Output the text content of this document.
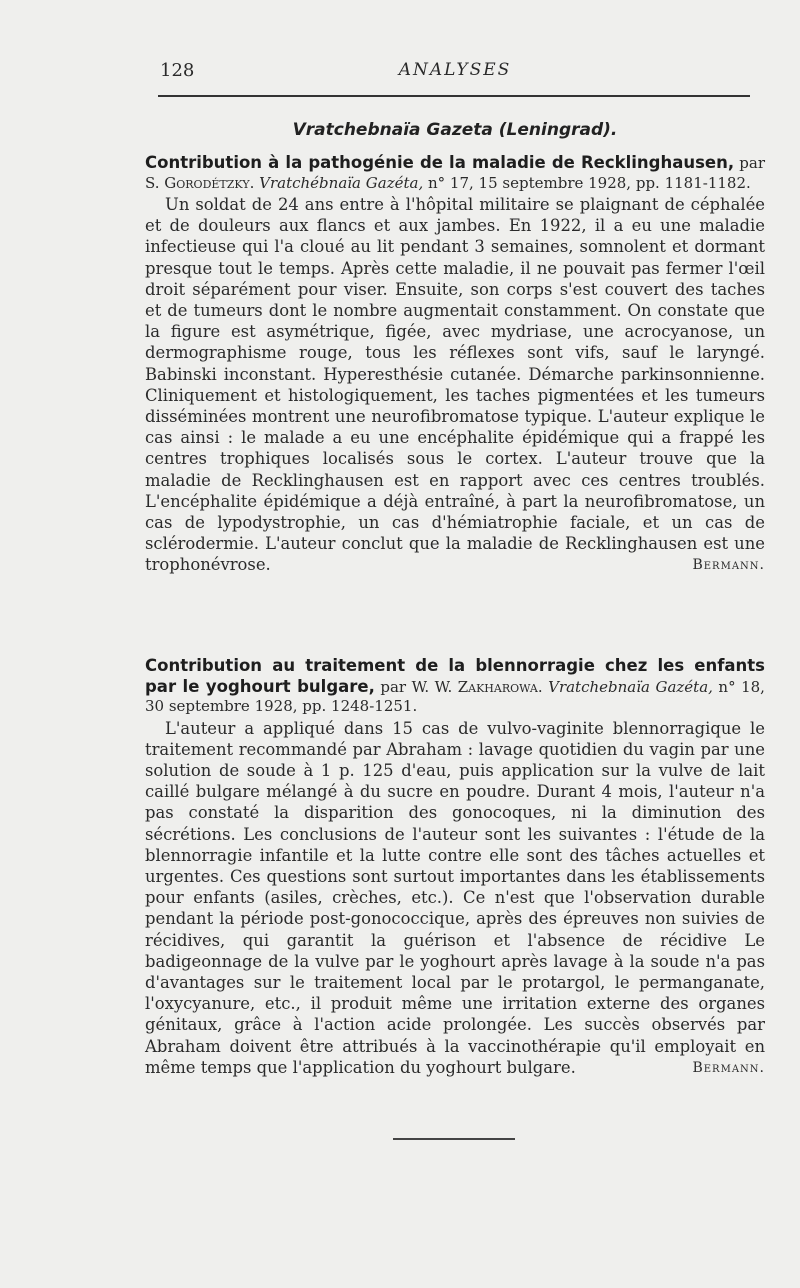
128	ANALYSES
Vratchebnaïa Gazeta (Leningrad).
Contribution à la pathogénie de la maladie de Recklinghausen, par S. Gorodétzky. Vratchébnaïa Gazéta, n° 17, 15 septembre 1928, pp. 1181-1182.

Un soldat de 24 ans entre à l'hôpital militaire se plaignant de céphalée et de douleurs aux flancs et aux jambes. En 1922, il a eu une maladie infectieuse qui l'a cloué au lit pendant 3 semaines, somnolent et dormant presque tout le temps. Après cette maladie, il ne pouvait pas fermer l'œil droit séparément pour viser. Ensuite, son corps s'est couvert des taches et de tumeurs dont le nombre augmentait constamment. On constate que la figure est asymétrique, figée, avec mydriase, une acrocyanose, un dermographisme rouge, tous les réflexes sont vifs, sauf le laryngé. Babinski inconstant. Hyperesthésie cutanée. Démarche parkinsonnienne. Cliniquement et histologiquement, les taches pigmentées et les tumeurs disséminées montrent une neurofibromatose typique. L'auteur explique le cas ainsi : le malade a eu une encéphalite épidémique qui a frappé les centres trophiques localisés sous le cortex. L'auteur trouve que la maladie de Recklinghausen est en rapport avec ces centres troublés. L'encéphalite épidémique a déjà entraîné, à part la neurofibromatose, un cas de lypodystrophie, un cas d'hémiatrophie faciale, et un cas de sclérodermie. L'auteur conclut que la maladie de Recklinghausen est une trophonévrose.	Bermann.

Contribution au traitement de la blennorragie chez les enfants par le yoghourt bulgare, par W. W. Zakharowa. Vratchebnaïa Gazéta, n° 18, 30 septembre 1928, pp. 1248-1251.

L'auteur a appliqué dans 15 cas de vulvo-vaginite blennorragique le traitement recommandé par Abraham : lavage quotidien du vagin par une solution de soude à 1 p. 125 d'eau, puis application sur la vulve de lait caillé bulgare mélangé à du sucre en poudre. Durant 4 mois, l'auteur n'a pas constaté la disparition des gonocoques, ni la diminution des sécrétions. Les conclusions de l'auteur sont les suivantes : l'étude de la blennorragie infantile et la lutte contre elle sont des tâches actuelles et urgentes. Ces questions sont surtout importantes dans les établissements pour enfants (asiles, crèches, etc.). Ce n'est que l'observation durable pendant la période post-gonococcique, après des épreuves non suivies de récidives, qui garantit la guérison et l'absence de récidive Le badigeonnage de la vulve par le yoghourt après lavage à la soude n'a pas d'avantages sur le traitement local par le protargol, le permanganate, l'oxycyanure, etc., il produit même une irritation externe des organes génitaux, grâce à l'action acide prolongée. Les succès observés par Abraham doivent être attribués à la vaccinothérapie qu'il employait en même temps que l'application du yoghourt bulgare.	Bermann.
